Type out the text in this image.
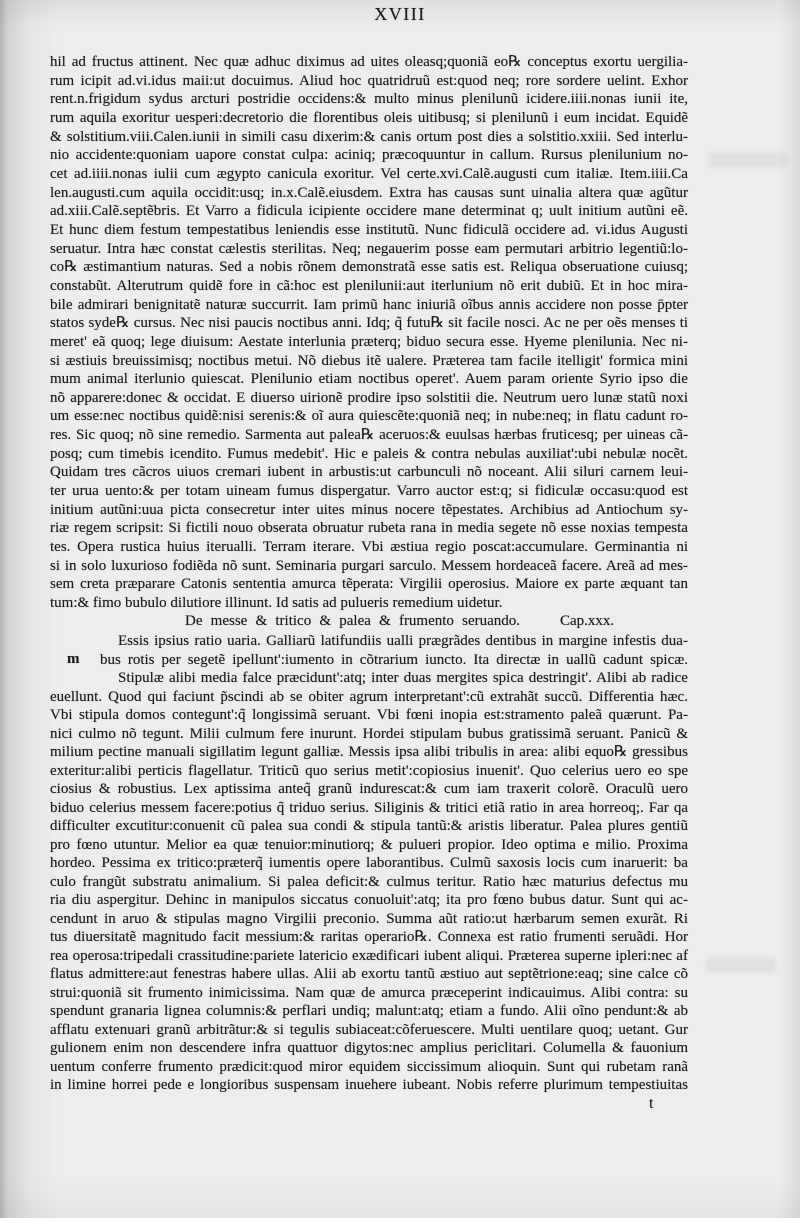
XVIII
hil ad fructus attinent. Nec quæ adhuc diximus ad uites oleasq;quoniã eo℞ conceptus exortu uergilia-
rum icipit ad.vi.idus maii:ut docuimus. Aliud hoc quatridruũ est:quod neq; rore sordere uelint. Exhor
rent.n.frigidum sydus arcturi postridie occidens:& multo minus plenilunũ icidere.iiii.nonas iunii ite,
rum aquila exoritur uesperi:decretorio die florentibus oleis uitibusq; si plenilunũ i eum incidat. Equidẽ
& solstitium.viii.Calen.iunii in simili casu dixerim:& canis ortum post dies a solstitio.xxiii. Sed interlu-
nio accidente:quoniam uapore constat culpa: aciniq; præcoquuntur in callum. Rursus plenilunium no-
cet ad.iiii.nonas iulii cum ægypto canicula exoritur. Vel certe.xvi.Calẽ.augusti cum italiæ. Item.iiii.Ca
len.augusti.cum aquila occidit:usq; in.x.Calẽ.eiusdem. Extra has causas sunt uinalia altera quæ agũtur
ad.xiii.Calẽ.septẽbris. Et Varro a fidicula icipiente occidere mane determinat q; uult initium autũni eẽ.
Et hunc diem festum tempestatibus leniendis esse institutũ. Nunc fidiculã occidere ad. vi.idus Augusti
seruatur. Intra hæc constat cælestis sterilitas. Neq; negauerim posse eam permutari arbitrio legentiũ:lo-
co℞ æstimantium naturas. Sed a nobis rõnem demonstratã esse satis est. Reliqua obseruatione cuiusq;
constabũt. Alterutrum quidẽ fore in cã:hoc est plenilunii:aut iterlunium nõ erit dubiũ. Et in hoc mira-
bile admirari benignitatẽ naturæ succurrit. Iam primũ hanc iniuriã oĩbus annis accidere non posse p̄pter
statos syde℞ cursus. Nec nisi paucis noctibus anni. Idq; q̃ futu℞ sit facile nosci. Ac ne per oẽs menses ti
meret' eã quoq; lege diuisum: Aestate interlunia præterq; biduo secura esse. Hyeme plenilunia. Nec ni-
si æstiuis breuissimisq; noctibus metui. Nõ diebus itẽ ualere. Præterea tam facile itelligit' formica mini
mum animal iterlunio quiescat. Plenilunio etiam noctibus operet'. Auem param oriente Syrio ipso die
nõ apparere:donec & occidat. E diuerso uirionẽ prodire ipso solstitii die. Neutrum uero lunæ statũ noxi
um esse:nec noctibus quidẽ:nisi serenis:& oĩ aura quiescẽte:quoniã neq; in nube:neq; in flatu cadunt ro-
res. Sic quoq; nõ sine remedio. Sarmenta aut palea℞ aceruos:& euulsas hærbas fruticesq; per uineas cã-
posq; cum timebis icendito. Fumus medebit'. Hic e paleis & contra nebulas auxiliat':ubi nebulæ nocẽt.
Quidam tres cãcros uiuos cremari iubent in arbustis:ut carbunculi nõ noceant. Alii siluri carnem leui-
ter urua uento:& per totam uineam fumus dispergatur. Varro auctor est:q; si fidiculæ occasu:quod est
initium autũni:uua picta consecretur inter uites minus nocere tẽpestates. Archibius ad Antiochum sy-
riæ regem scripsit: Si fictili nouo obserata obruatur rubeta rana in media segete nõ esse noxias tempesta
tes. Opera rustica huius iterualli. Terram iterare. Vbi æstiua regio poscat:accumulare. Germinantia ni
si in solo luxurioso fodiẽda nõ sunt. Seminaria purgari sarculo. Messem hordeaceã facere. Areã ad mes-
sem creta præparare Catonis sententia amurca tẽperata: Virgilii operosius. Maiore ex parte æquant tan
tum:& fimo bubulo dilutiore illinunt. Id satis ad pulueris remedium uidetur.
De messe & tritico & palea & frumento seruando.	Cap.xxx.
m
Essis ipsius ratio uaria. Galliarũ latifundiis ualli prægrãdes dentibus in margine infestis dua-
bus rotis per segetẽ ipellunt':iumento in cõtrarium iuncto. Ita directæ in uallũ cadunt spicæ.
Stipulæ alibi media falce præcidunt':atq; inter duas mergites spica destringit'. Alibi ab radice
euellunt. Quod qui faciunt p̃scindi ab se obiter agrum interpretant':cũ extrahãt succũ. Differentia hæc.
Vbi stipula domos contegunt':q̃ longissimã seruant. Vbi fœni inopia est:stramento paleã quærunt. Pa-
nici culmo nõ tegunt. Milii culmum fere inurunt. Hordei stipulam bubus gratissimã seruant. Panicũ &
milium pectine manuali sigillatim legunt galliæ. Messis ipsa alibi tribulis in area: alibi equo℞ gressibus
exteritur:alibi perticis flagellatur. Triticũ quo serius metit':copiosius inuenit'. Quo celerius uero eo spe
ciosius & robustius. Lex aptissima anteq̃ granũ indurescat:& cum iam traxerit colorẽ. Oraculũ uero
biduo celerius messem facere:potius q̃ triduo serius. Siliginis & tritici etiã ratio in area horreoq;. Far qa
difficulter excutitur:conuenit cũ palea sua condi & stipula tantũ:& aristis liberatur. Palea plures gentiũ
pro fœno utuntur. Melior ea quæ tenuior:minutiorq; & pulueri propior. Ideo optima e milio. Proxima
hordeo. Pessima ex tritico:præterq̃ iumentis opere laborantibus. Culmũ saxosis locis cum inaruerit: ba
culo frangũt substratu animalium. Si palea deficit:& culmus teritur. Ratio hæc maturius defectus mu
ria diu aspergitur. Dehinc in manipulos siccatus conuoluit':atq; ita pro fœno bubus datur. Sunt qui ac-
cendunt in aruo & stipulas magno Virgilii preconio. Summa aũt ratio:ut hærbarum semen exurãt. Ri
tus diuersitatẽ magnitudo facit messium:& raritas operario℞. Connexa est ratio frumenti seruãdi. Hor
rea operosa:tripedali crassitudine:pariete latericio exædificari iubent aliqui. Præterea superne ipleri:nec af
flatus admittere:aut fenestras habere ullas. Alii ab exortu tantũ æstiuo aut septẽtrione:eaq; sine calce cõ
strui:quoniã sit frumento inimicissima. Nam quæ de amurca præceperint indicauimus. Alibi contra: su
spendunt granaria lignea columnis:& perflari undiq; malunt:atq; etiam a fundo. Alii oĩno pendunt:& ab
afflatu extenuari granũ arbitrãtur:& si tegulis subiaceat:cõferuescere. Multi uentilare quoq; uetant. Gur
gulionem enim non descendere infra quattuor digytos:nec amplius periclitari. Columella & fauonium
uentum conferre frumento prædicit:quod miror equidem siccissimum alioquin. Sunt qui rubetam ranã
in limine horrei pede e longioribus suspensam inuehere iubeant. Nobis referre plurimum tempestiuitas
t
